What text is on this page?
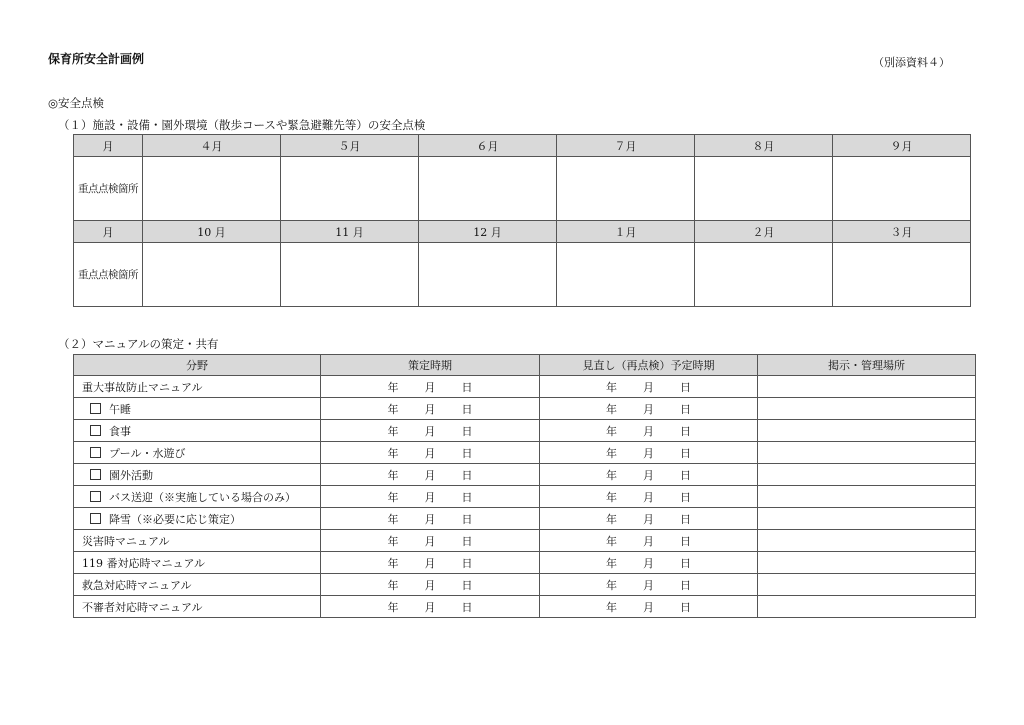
保育所安全計画例	（別添資料４）
◎安全点検
（１）施設・設備・園外環境（散歩コースや緊急避難先等）の安全点検
月	４月	５月	６月	７月	８月	９月
重点点検箇所						
月	10 月	11 月	12 月	１月	２月	３月
重点点検箇所						
（２）マニュアルの策定・共有
分野	策定時期	見直し（再点検）予定時期	掲示・管理場所
重大事故防止マニュアル	年 月 日	年 月 日	

午睡	年 月 日	年 月 日	

食事	年 月 日	年 月 日	

プール・水遊び	年 月 日	年 月 日	

園外活動	年 月 日	年 月 日	

バス送迎（※実施している場合のみ）	年 月 日	年 月 日	

降雪（※必要に応じ策定）	年 月 日	年 月 日	

災害時マニュアル	年 月 日	年 月 日	

119 番対応時マニュアル	年 月 日	年 月 日	

救急対応時マニュアル	年 月 日	年 月 日	

不審者対応時マニュアル	年 月 日	年 月 日	
